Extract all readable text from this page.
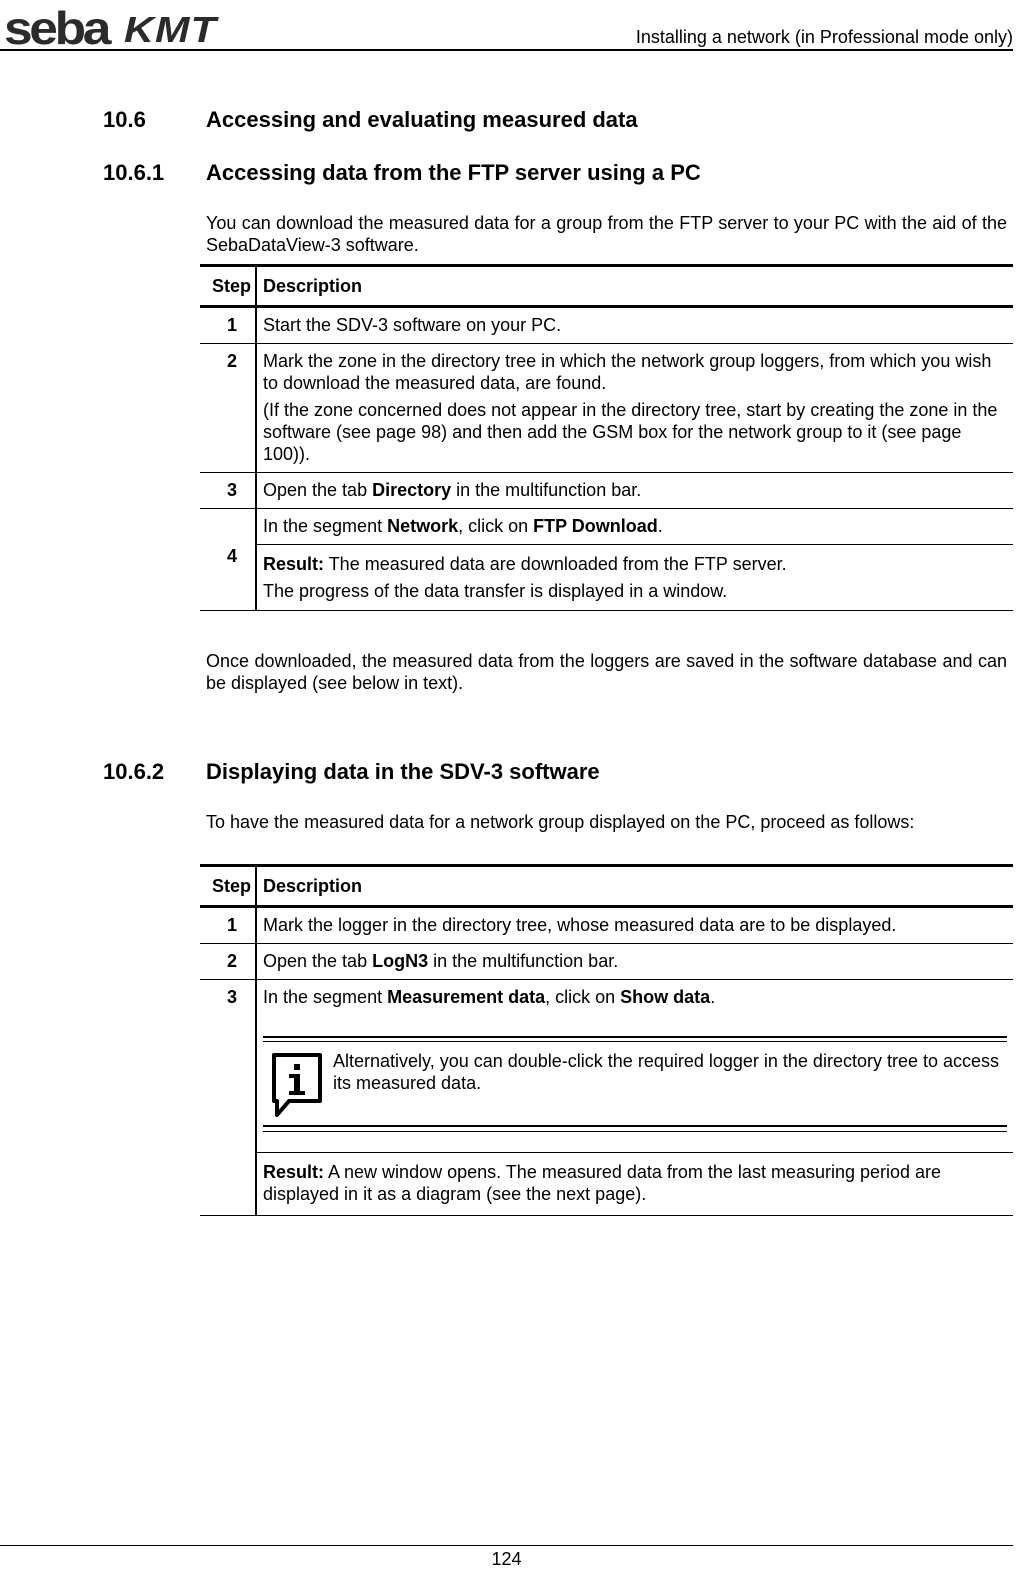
seba KMT	Installing a network (in Professional mode only)
10.6	Accessing and evaluating measured data
10.6.1 Accessing data from the FTP server using a PC
You can download the measured data for a group from the FTP server to your PC with the aid of the SebaDataView-3 software.
Step	Description
1	Start the SDV-3 software on your PC.
2	Mark the zone in the directory tree in which the network group loggers, from which you wish to download the measured data, are found.
(If the zone concerned does not appear in the directory tree, start by creating the zone in the software (see page 98) and then add the GSM box for the network group to it (see page 100)).

3	Open the tab Directory in the multifunction bar.
4	In the segment Network, click on FTP Download.

	Result: The measured data are downloaded from the FTP server.
The progress of the data transfer is displayed in a window.
Once downloaded, the measured data from the loggers are saved in the software database and can be displayed (see below in text).
10.6.2 Displaying data in the SDV-3 software
To have the measured data for a network group displayed on the PC, proceed as follows:
Step	Description
1	Mark the logger in the directory tree, whose measured data are to be displayed.
2	Open the tab LogN3 in the multifunction bar.
3	In the segment Measurement data, click on Show data.
Alternatively, you can double-click the required logger in the directory tree to access its measured data.
Result: A new window opens. The measured data from the last measuring period are displayed in it as a diagram (see the next page).
124
